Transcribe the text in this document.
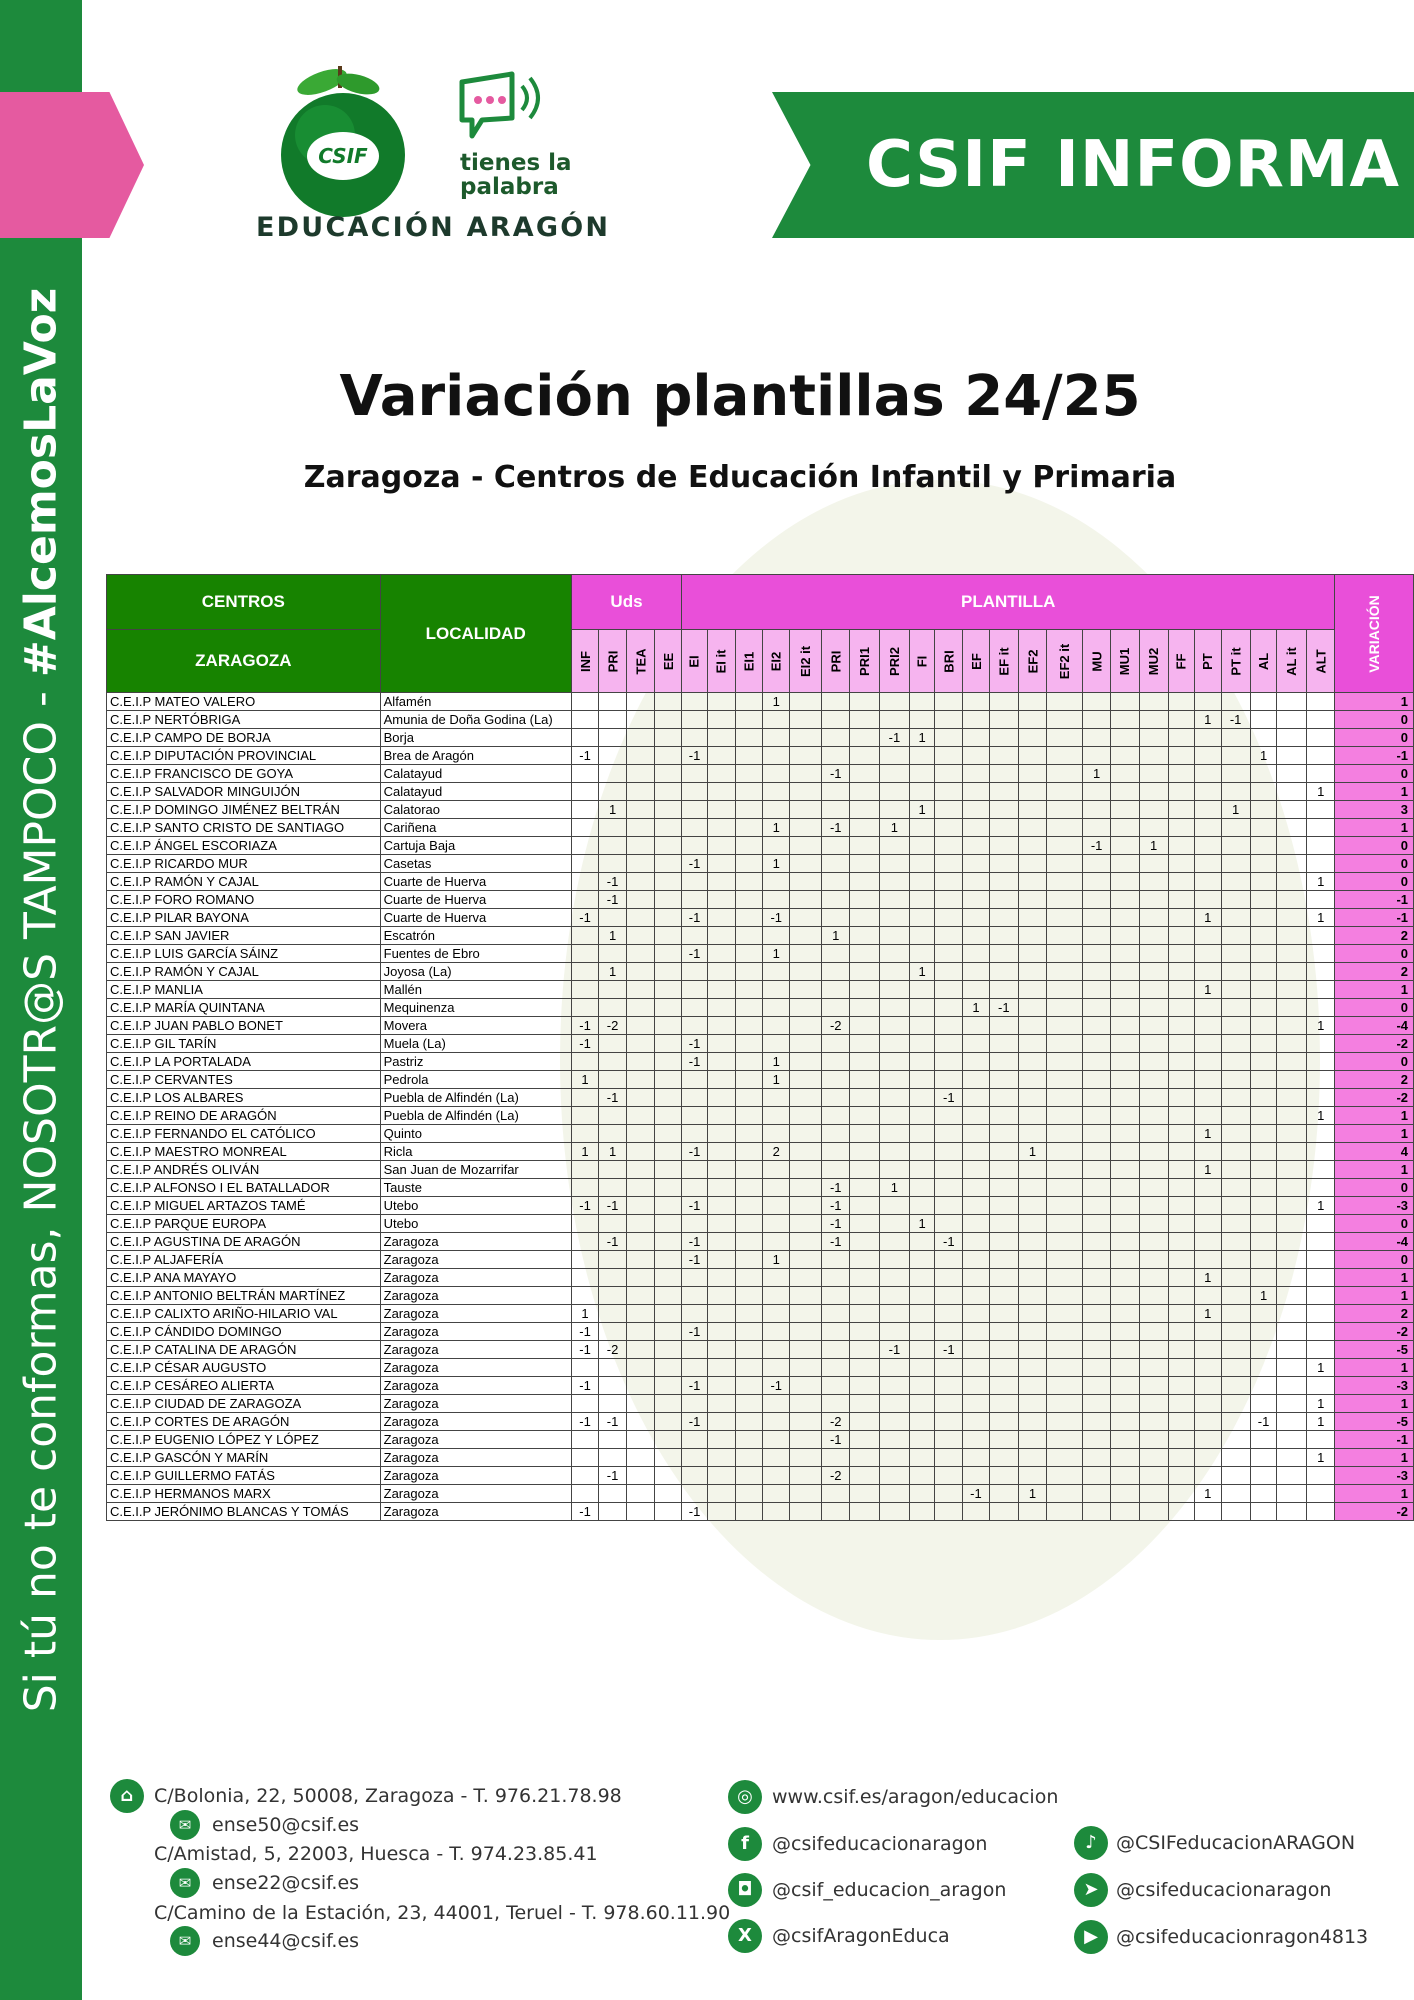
Si tú no te conformas, NOSOTR@S TAMPOCO - #AlcemosLaVoz
CSIF INFORMA
CSIF	tienes la
palabra
EDUCACIÓN ARAGÓN
Variación plantillas 24/25
Zaragoza - Centros de Educación Infantil y Primaria
CENTROS	LOCALIDAD	Uds				PLANTILLA																							VARIACIÓN
ZARAGOZA		INF	PRI	TEA	EE	EI	EI it	EI1	EI2	EI2 it	PRI	PRI1	PRI2	FI	BRI	EF	EF it	EF2	EF2 it	MU	MU1	MU2	FF	PT	PT it	AL	AL it	ALT	
C.E.I.P MATEO VALERO	Alfamén								1																				1
C.E.I.P NERTÓBRIGA	Amunia de Doña Godina (La)																							1	-1				0
C.E.I.P CAMPO DE BORJA	Borja												-1	1															0
C.E.I.P DIPUTACIÓN PROVINCIAL	Brea de Aragón	-1				-1																				1			-1
C.E.I.P FRANCISCO DE GOYA	Calatayud										-1									1									0
C.E.I.P SALVADOR MINGUIJÓN	Calatayud																											1	1
C.E.I.P DOMINGO JIMÉNEZ BELTRÁN	Calatorao		1											1											1				3
C.E.I.P SANTO CRISTO DE SANTIAGO	Cariñena								1		-1		1																1
C.E.I.P ÁNGEL ESCORIAZA	Cartuja Baja																			-1		1							0
C.E.I.P RICARDO MUR	Casetas					-1			1																				0
C.E.I.P RAMÓN Y CAJAL	Cuarte de Huerva		-1																									1	0
C.E.I.P FORO ROMANO	Cuarte de Huerva		-1																										-1
C.E.I.P PILAR BAYONA	Cuarte de Huerva	-1				-1			-1															1				1	-1
C.E.I.P SAN JAVIER	Escatrón		1								1																		2
C.E.I.P LUIS GARCÍA SÁINZ	Fuentes de Ebro					-1			1																				0
C.E.I.P RAMÓN Y CAJAL	Joyosa (La)		1											1															2
C.E.I.P MANLIA	Mallén																							1					1
C.E.I.P MARÍA QUINTANA	Mequinenza															1	-1												0
C.E.I.P JUAN PABLO BONET	Movera	-1	-2								-2																	1	-4
C.E.I.P GIL TARÍN	Muela (La)	-1				-1																							-2
C.E.I.P LA PORTALADA	Pastriz					-1			1																				0
C.E.I.P CERVANTES	Pedrola	1							1																				2
C.E.I.P LOS ALBARES	Puebla de Alfindén (La)		-1												-1														-2
C.E.I.P REINO DE ARAGÓN	Puebla de Alfindén (La)																											1	1
C.E.I.P FERNANDO EL CATÓLICO	Quinto																							1					1
C.E.I.P MAESTRO MONREAL	Ricla	1	1			-1			2									1											4
C.E.I.P ANDRÉS OLIVÁN	San Juan de Mozarrifar																							1					1
C.E.I.P ALFONSO I EL BATALLADOR	Tauste										-1		1																0
C.E.I.P MIGUEL ARTAZOS TAMÉ	Utebo	-1	-1			-1					-1																	1	-3
C.E.I.P PARQUE EUROPA	Utebo										-1			1															0
C.E.I.P AGUSTINA DE ARAGÓN	Zaragoza		-1			-1					-1				-1														-4
C.E.I.P ALJAFERÍA	Zaragoza					-1			1																				0
C.E.I.P ANA MAYAYO	Zaragoza																							1					1
C.E.I.P ANTONIO BELTRÁN MARTÍNEZ	Zaragoza																									1			1
C.E.I.P CALIXTO ARIÑO-HILARIO VAL	Zaragoza	1																						1					2
C.E.I.P CÁNDIDO DOMINGO	Zaragoza	-1				-1																							-2
C.E.I.P CATALINA DE ARAGÓN	Zaragoza	-1	-2										-1		-1														-5
C.E.I.P CÉSAR AUGUSTO	Zaragoza																											1	1
C.E.I.P CESÁREO ALIERTA	Zaragoza	-1				-1			-1																				-3
C.E.I.P CIUDAD DE ZARAGOZA	Zaragoza																											1	1
C.E.I.P CORTES DE ARAGÓN	Zaragoza	-1	-1			-1					-2															-1		1	-5
C.E.I.P EUGENIO LÓPEZ Y LÓPEZ	Zaragoza										-1																		-1
C.E.I.P GASCÓN Y MARÍN	Zaragoza																											1	1
C.E.I.P GUILLERMO FATÁS	Zaragoza		-1								-2																		-3
C.E.I.P HERMANOS MARX	Zaragoza															-1		1						1					1
C.E.I.P JERÓNIMO BLANCAS Y TOMÁS	Zaragoza	-1				-1																							-2
⌂	C/Bolonia, 22, 50008, Zaragoza - T. 976.21.78.98
✉	ense50@csif.es
C/Amistad, 5, 22003, Huesca - T. 974.23.85.41
✉	ense22@csif.es
C/Camino de la Estación, 23, 44001, Teruel - T. 978.60.11.90
✉	ense44@csif.es
◎	www.csif.es/aragon/educacion
f	@csifeducacionaragon
◘	@csif_educacion_aragon
X	@csifAragonEduca
♪	@CSIFeducacionARAGON
➤ @csifeducacionaragon
▶ @csifeducacionragon4813
